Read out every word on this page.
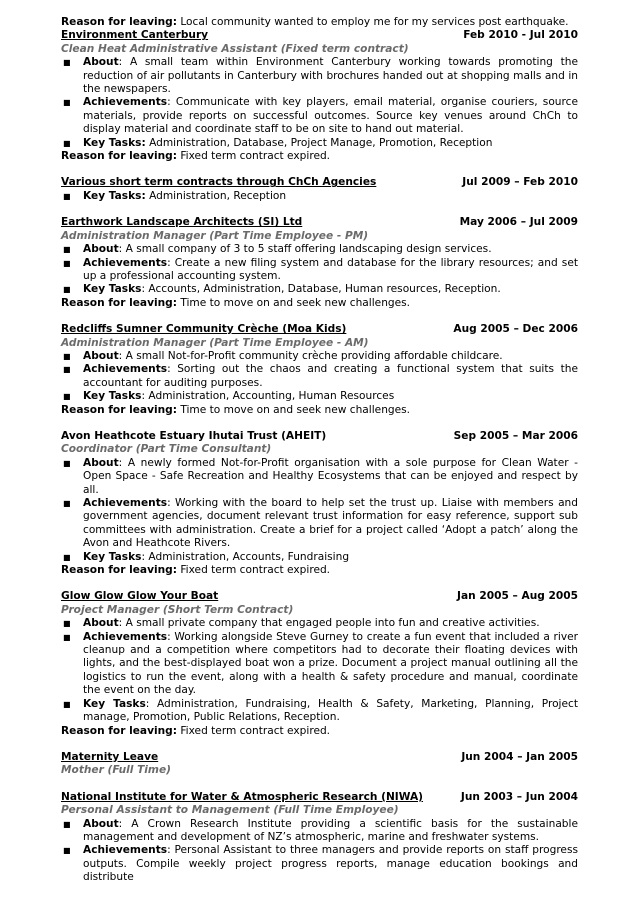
Reason for leaving: Local community wanted to employ me for my services post earthquake.

Environment Canterbury	Feb 2010 - Jul 2010

Clean Heat Administrative Assistant (Fixed term contract)

■ About: A small team within Environment Canterbury working towards promoting the reduction of air pollutants in Canterbury with brochures handed out at shopping malls and in the newspapers.
■ Achievements: Communicate with key players, email material, organise couriers, source materials, provide reports on successful outcomes. Source key venues around ChCh to display material and coordinate staff to be on site to hand out material.
■ Key Tasks: Administration, Database, Project Manage, Promotion, Reception

Reason for leaving: Fixed term contract expired.

Various short term contracts through ChCh Agencies	Jul 2009 – Feb 2010
■ Key Tasks: Administration, Reception
Earthwork Landscape Architects (SI) Ltd	May 2006 – Jul 2009

Administration Manager (Part Time Employee - PM)

■ About: A small company of 3 to 5 staff offering landscaping design services.
■ Achievements: Create a new filing system and database for the library resources; and set up a professional accounting system.
■ Key Tasks: Accounts, Administration, Database, Human resources, Reception.

Reason for leaving: Time to move on and seek new challenges.

Redcliffs Sumner Community Crèche (Moa Kids)	Aug 2005 – Dec 2006

Administration Manager (Part Time Employee - AM)

■ About: A small Not-for-Profit community crèche providing affordable childcare.
■ Achievements: Sorting out the chaos and creating a functional system that suits the accountant for auditing purposes.
■ Key Tasks: Administration, Accounting, Human Resources

Reason for leaving: Time to move on and seek new challenges.

Avon Heathcote Estuary Ihutai Trust (AHEIT)	Sep 2005 – Mar 2006

Coordinator (Part Time Consultant)

■ About: A newly formed Not-for-Profit organisation with a sole purpose for Clean Water - Open Space - Safe Recreation and Healthy Ecosystems that can be enjoyed and respect by all.
■ Achievements: Working with the board to help set the trust up. Liaise with members and government agencies, document relevant trust information for easy reference, support sub committees with administration. Create a brief for a project called ‘Adopt a patch’ along the Avon and Heathcote Rivers.
■ Key Tasks: Administration, Accounts, Fundraising

Reason for leaving: Fixed term contract expired.

Glow Glow Glow Your Boat	Jan 2005 – Aug 2005

Project Manager (Short Term Contract)

■ About: A small private company that engaged people into fun and creative activities.
■ Achievements: Working alongside Steve Gurney to create a fun event that included a river cleanup and a competition where competitors had to decorate their floating devices with lights, and the best-displayed boat won a prize. Document a project manual outlining all the logistics to run the event, along with a health & safety procedure and manual, coordinate the event on the day.
■ Key Tasks: Administration, Fundraising, Health & Safety, Marketing, Planning, Project manage, Promotion, Public Relations, Reception.

Reason for leaving: Fixed term contract expired.

Maternity Leave	Jun 2004 – Jan 2005

Mother (Full Time)

National Institute for Water & Atmospheric Research (NIWA)	Jun 2003 – Jun 2004

Personal Assistant to Management (Full Time Employee)

■ About: A Crown Research Institute providing a scientific basis for the sustainable management and development of NZ’s atmospheric, marine and freshwater systems.
■ Achievements: Personal Assistant to three managers and provide reports on staff progress outputs. Compile weekly project progress reports, manage education bookings and distribute
